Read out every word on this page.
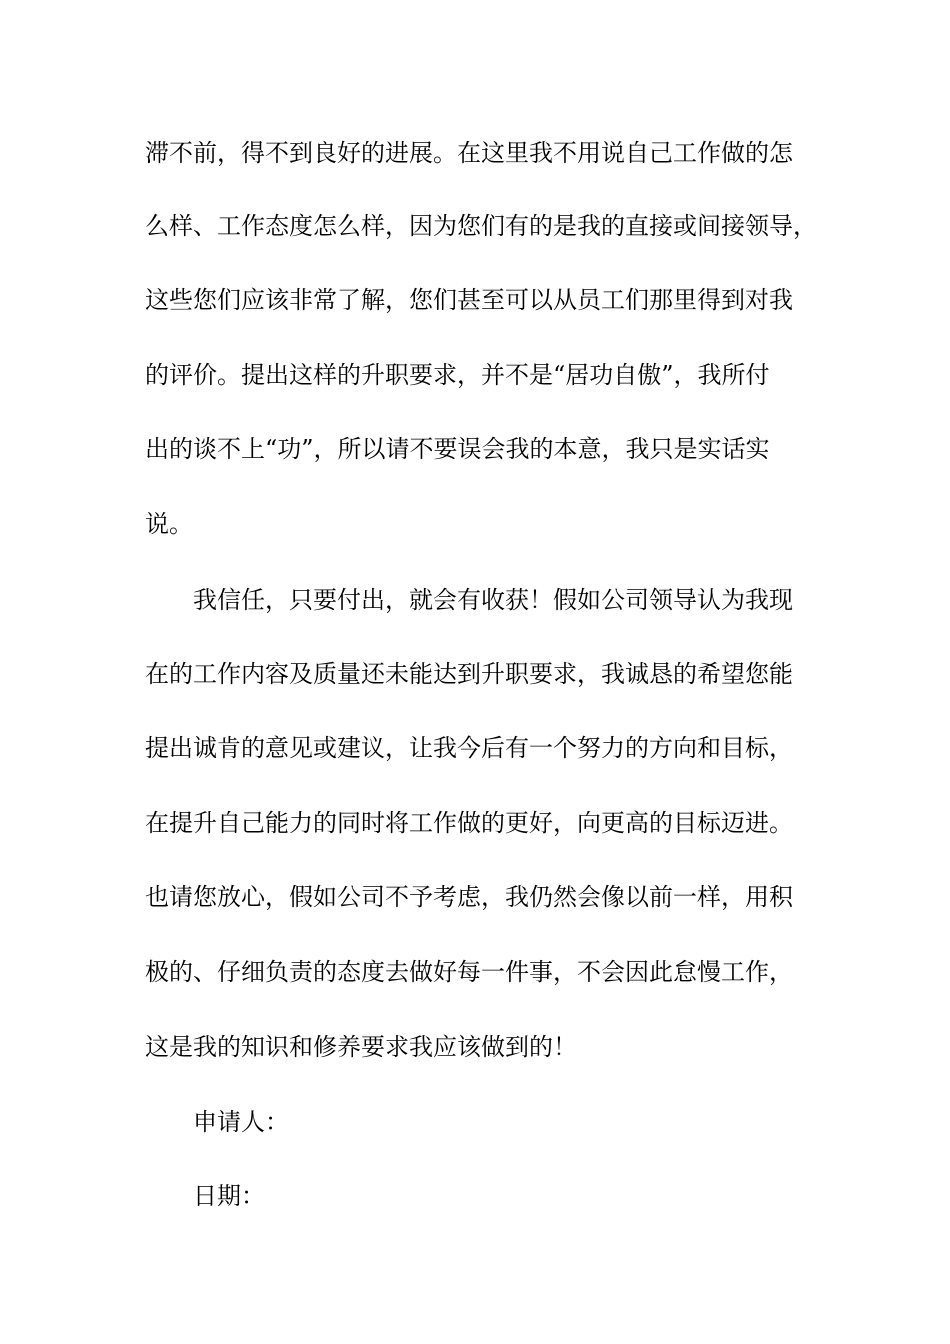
滞不前，得不到良好的进展。在这里我不用说自己工作做的怎
么样、工作态度怎么样，因为您们有的是我的直接或间接领导，
这些您们应该非常了解，您们甚至可以从员工们那里得到对我
的评价。提出这样的升职要求，并不是“居功自傲”，我所付
出的谈不上“功”，所以请不要误会我的本意，我只是实话实
说。
我信任，只要付出，就会有收获！假如公司领导认为我现
在的工作内容及质量还未能达到升职要求，我诚恳的希望您能
提出诚肯的意见或建议，让我今后有一个努力的方向和目标，
在提升自己能力的同时将工作做的更好，向更高的目标迈进。
也请您放心，假如公司不予考虑，我仍然会像以前一样，用积
极的、仔细负责的态度去做好每一件事，不会因此怠慢工作，
这是我的知识和修养要求我应该做到的！
申请人：
日期：
